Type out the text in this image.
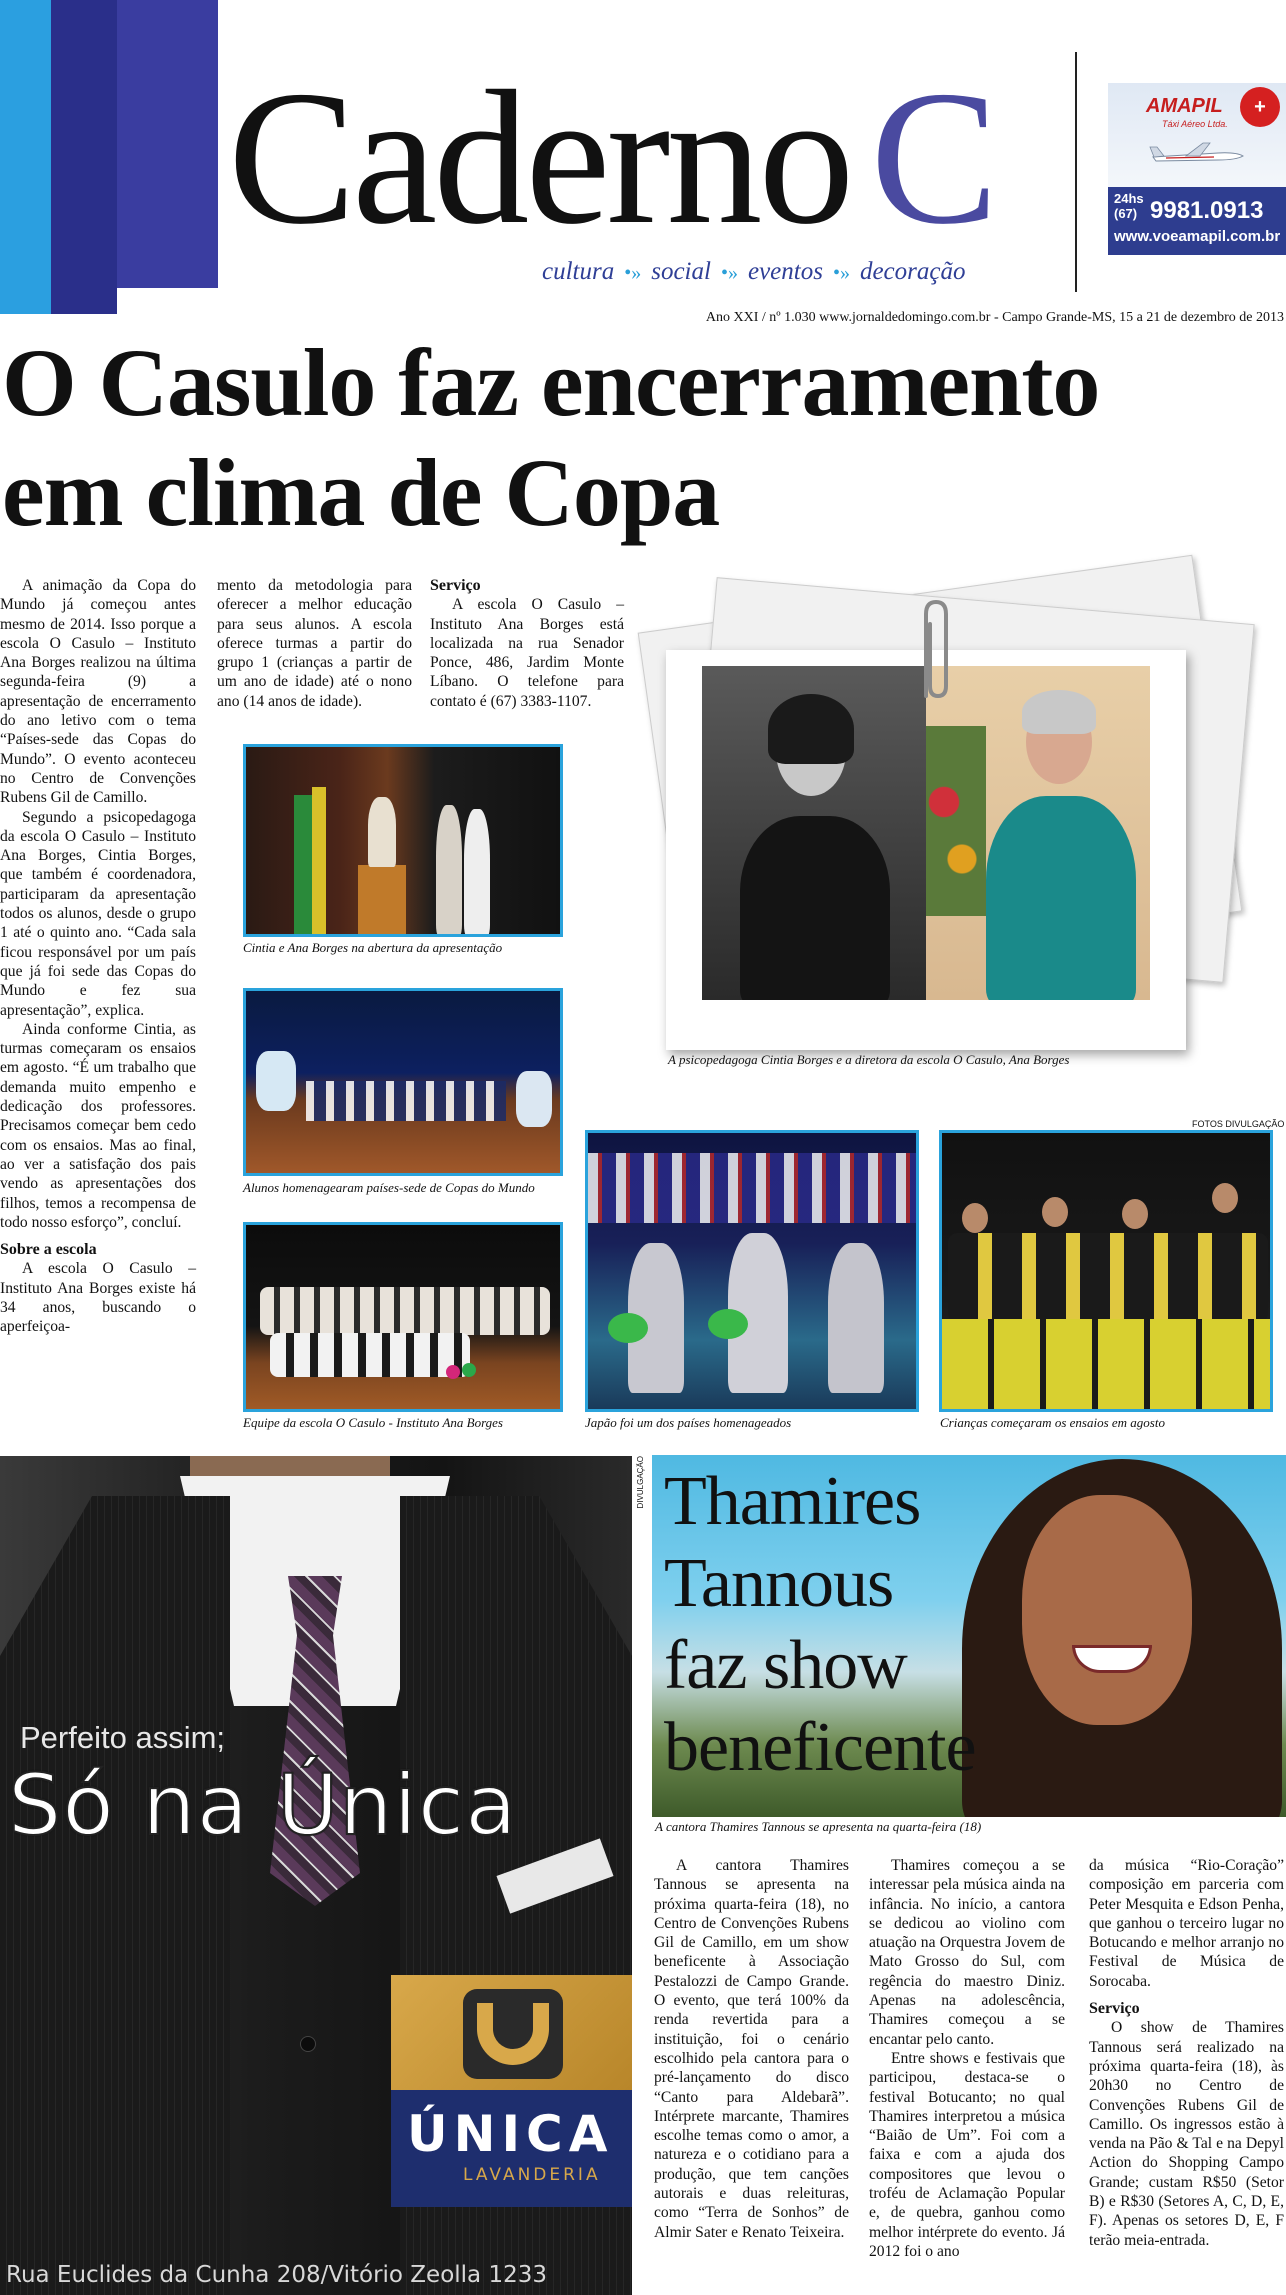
Caderno C
cultura •» social •» eventos •» decoração
AMAPIL
Táxi Aéreo Ltda.
+
24hs
(67) 9981.0913
www.voeamapil.com.br
Ano XXI / nº 1.030 www.jornaldedomingo.com.br - Campo Grande-MS, 15 a 21 de dezembro de 2013
O Casulo faz encerramento
em clima de Copa

A animação da Copa do Mundo já começou antes mesmo de 2014. Isso porque a escola O Casulo – Instituto Ana Borges realizou na última segunda-feira (9) a apresentação de encerramento do ano letivo com o tema “Países-sede das Copas do Mundo”. O evento aconteceu no Centro de Convenções Rubens Gil de Camillo.

Segundo a psicopedagoga da escola O Casulo – Instituto Ana Borges, Cintia Borges, que também é coordenadora, participaram da apresentação todos os alunos, desde o grupo 1 até o quinto ano. “Cada sala ficou responsável por um país que já foi sede das Copas do Mundo e fez sua apresentação”, explica.

Ainda conforme Cintia, as turmas começaram os ensaios em agosto. “É um trabalho que demanda muito empenho e dedicação dos professores. Precisamos começar bem cedo com os ensaios. Mas ao final, ao ver a satisfação dos pais vendo as apresentações dos filhos, temos a recompensa de todo nosso esforço”, concluí.

Sobre a escola

A escola O Casulo – Instituto Ana Borges existe há 34 anos, buscando o aperfeiçoa-

mento da metodologia para oferecer a melhor educação para seus alunos. A escola oferece turmas a partir do grupo 1 (crianças a partir de um ano de idade) até o nono ano (14 anos de idade).

Serviço

A escola O Casulo – Instituto Ana Borges está localizada na rua Senador Ponce, 486, Jardim Monte Líbano. O telefone para contato é (67) 3383-1107.

Cintia e Ana Borges na abertura da apresentação
Alunos homenagearam países-sede de Copas do Mundo
Equipe da escola O Casulo - Instituto Ana Borges
A psicopedagoga Cintia Borges e a diretora da escola O Casulo, Ana Borges
FOTOS DIVULGAÇÃO
Japão foi um dos países homenageados	Crianças começaram os ensaios em agosto
Perfeito assim;
Só na Única
ÚNICA
LAVANDERIA
Rua Euclides da Cunha 208/Vitório Zeolla 1233
DIVULGAÇÃO Thamires
Tannous
faz show
beneficente
A cantora Thamires Tannous se apresenta na quarta-feira (18)

A cantora Thamires Tannous se apresenta na próxima quarta-feira (18), no Centro de Convenções Rubens Gil de Camillo, em um show beneficente à Associação Pestalozzi de Campo Grande. O evento, que terá 100% da renda revertida para a instituição, foi o cenário escolhido pela cantora para o pré-lançamento do disco “Canto para Aldebarã”. Intérprete marcante, Thamires escolhe temas como o amor, a natureza e o cotidiano para a produção, que tem canções autorais e duas releituras, como “Terra de Sonhos” de Almir Sater e Renato Teixeira.

Thamires começou a se interessar pela música ainda na infância. No início, a cantora se dedicou ao violino com atuação na Orquestra Jovem de Mato Grosso do Sul, com regência do maestro Diniz. Apenas na adolescência, Thamires começou a se encantar pelo canto.

Entre shows e festivais que participou, destaca-se o festival Botucanto; no qual Thamires interpretou a música “Baião de Um”. Foi com a faixa e com a ajuda dos compositores que levou o troféu de Aclamação Popular e, de quebra, ganhou como melhor intérprete do evento. Já 2012 foi o ano

da música “Rio-Coração” composição em parceria com Peter Mesquita e Edson Penha, que ganhou o terceiro lugar no Botucando e melhor arranjo no Festival de Música de Sorocaba.

Serviço

O show de Thamires Tannous será realizado na próxima quarta-feira (18), às 20h30 no Centro de Convenções Rubens Gil de Camillo. Os ingressos estão à venda na Pão & Tal e na Depyl Action do Shopping Campo Grande; custam R$50 (Setor B) e R$30 (Setores A, C, D, E, F). Apenas os setores D, E, F terão meia-entrada.
